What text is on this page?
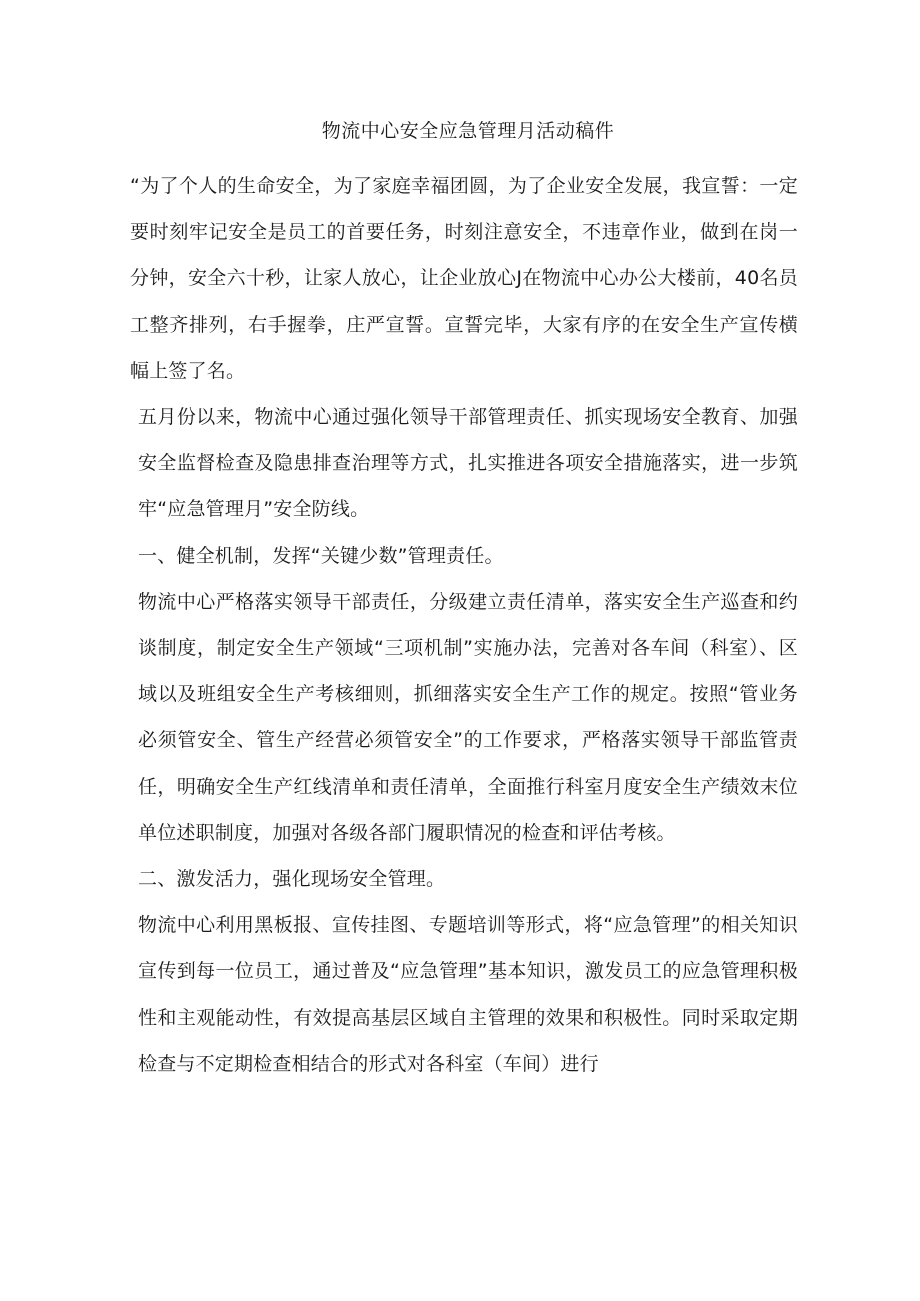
物流中心安全应急管理月活动稿件

“为了个人的生命安全，为了家庭幸福团圆，为了企业安全发展，我宣誓：一定要时刻牢记安全是员工的首要任务，时刻注意安全，不违章作业，做到在岗一分钟，安全六十秒，让家人放心，让企业放心J在物流中心办公大楼前，40名员工整齐排列，右手握拳，庄严宣誓。宣誓完毕，大家有序的在安全生产宣传横幅上签了名。

五月份以来，物流中心通过强化领导干部管理责任、抓实现场安全教育、加强安全监督检查及隐患排查治理等方式，扎实推进各项安全措施落实，进一步筑牢“应急管理月”安全防线。

一、健全机制，发挥“关键少数”管理责任。

物流中心严格落实领导干部责任，分级建立责任清单，落实安全生产巡查和约谈制度，制定安全生产领域“三项机制”实施办法，完善对各车间（科室）、区域以及班组安全生产考核细则，抓细落实安全生产工作的规定。按照“管业务必须管安全、管生产经营必须管安全”的工作要求，严格落实领导干部监管责任，明确安全生产红线清单和责任清单，全面推行科室月度安全生产绩效末位单位述职制度，加强对各级各部门履职情况的检查和评估考核。

二、激发活力，强化现场安全管理。

物流中心利用黑板报、宣传挂图、专题培训等形式，将“应急管理”的相关知识宣传到每一位员工，通过普及“应急管理”基本知识，激发员工的应急管理积极性和主观能动性，有效提高基层区域自主管理的效果和积极性。同时采取定期检查与不定期检查相结合的形式对各科室（车间）进行
